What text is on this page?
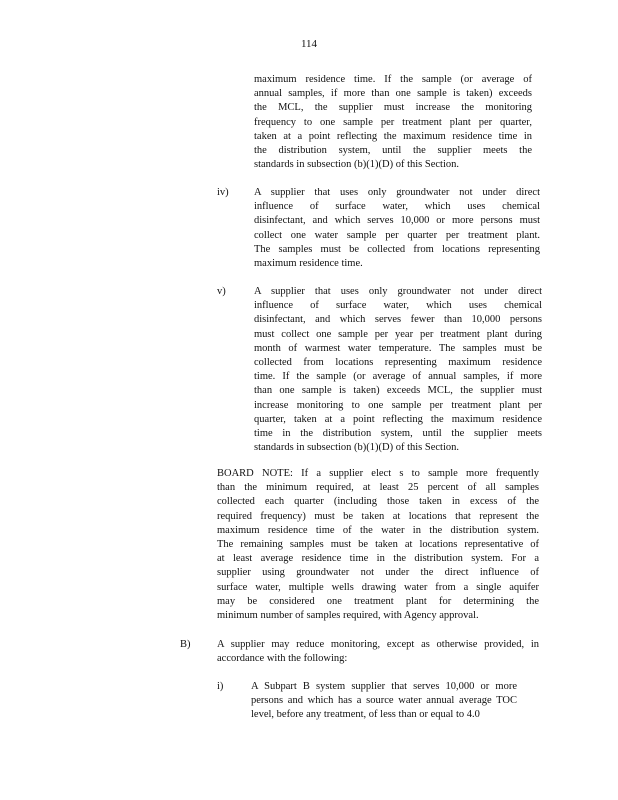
114
maximum residence time. If the sample (or average of
annual samples, if more than one sample is taken) exceeds
the MCL, the supplier must increase the monitoring
frequency to one sample per treatment plant per quarter,
taken at a point reflecting the maximum residence time in
the distribution system, until the supplier meets the
standards in subsection (b)(1)(D) of this Section.
iv) A supplier that uses only groundwater not under direct
influence of surface water, which uses chemical
disinfectant, and which serves 10,000 or more persons must
collect one water sample per quarter per treatment plant.
The samples must be collected from locations representing
maximum residence time.
v)	A supplier that uses only groundwater not under direct
influence of surface water, which uses chemical
disinfectant, and which serves fewer than 10,000 persons
must collect one sample per year per treatment plant during
month of warmest water temperature. The samples must be
collected from locations representing maximum residence
time. If the sample (or average of annual samples, if more
than one sample is taken) exceeds MCL, the supplier must
increase monitoring to one sample per treatment plant per
quarter, taken at a point reflecting the maximum residence
time in the distribution system, until the supplier meets
standards in subsection (b)(1)(D) of this Section.
BOARD NOTE: If a supplier elect s to sample more frequently
than the minimum required, at least 25 percent of all samples
collected each quarter (including those taken in excess of the
required frequency) must be taken at locations that represent the
maximum residence time of the water in the distribution system.
The remaining samples must be taken at locations representative of
at least average residence time in the distribution system. For a
supplier using groundwater not under the direct influence of
surface water, multiple wells drawing water from a single aquifer
may be considered one treatment plant for determining the
minimum number of samples required, with Agency approval.
B)	A supplier may reduce monitoring, except as otherwise provided, in
accordance with the following:
i)	A Subpart B system supplier that serves 10,000 or more
persons and which has a source water annual average TOC
level, before any treatment, of less than or equal to 4.0
